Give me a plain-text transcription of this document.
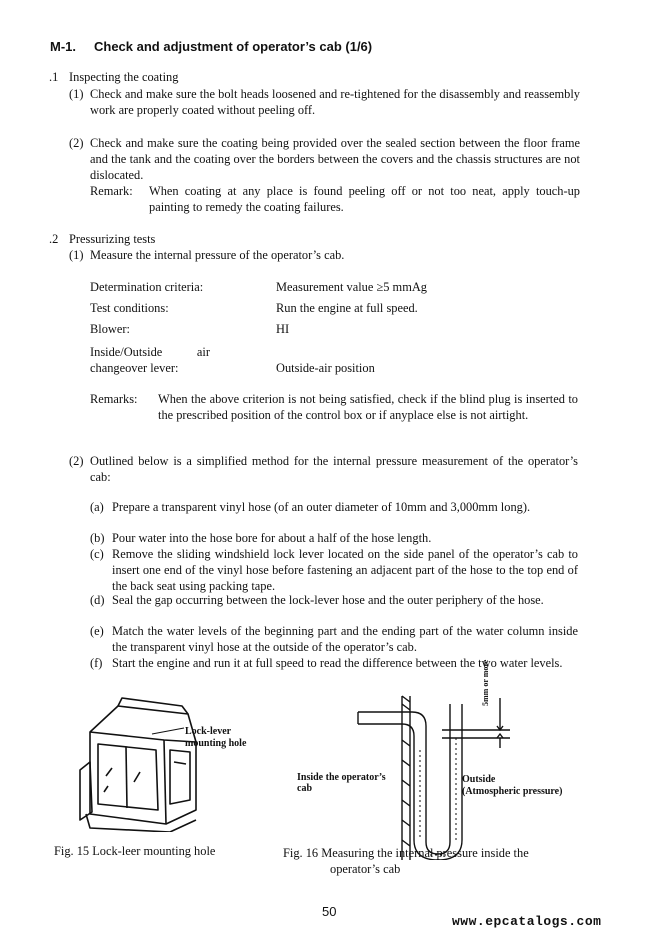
M-1. Check and adjustment of operator’s cab (1/6)
.1 Inspecting the coating
(1) Check and make sure the bolt heads loosened and re-tightened for the disassembly and reassembly work are properly coated without peeling off.
(2) Check and make sure the coating being provided over the sealed section between the floor frame and the tank and the coating over the borders between the covers and the chassis structures are not dislocated.
Remark: When coating at any place is found peeling off or not too neat, apply touch-up painting to remedy the coating failures.
.2 Pressurizing tests
(1) Measure the internal pressure of the operator’s cab.
Determination criteria:	Measurement value ≥5 mmAg
Test conditions:	Run the engine at full speed.
Blower:	HI
Inside/Outside air changeover lever:	Outside-air position
Remarks: When the above criterion is not being satisfied, check if the blind plug is inserted to the prescribed position of the control box or if anyplace else is not airtight.
(2) Outlined below is a simplified method for the internal pressure measurement of the operator’s cab:
(a) Prepare a transparent vinyl hose (of an outer diameter of 10mm and 3,000mm long).
(b) Pour water into the hose bore for about a half of the hose length.
(c) Remove the sliding windshield lock lever located on the side panel of the operator’s cab to insert one end of the vinyl hose before fastening an adjacent part of the hose to the top end of the back seat using packing tape.
(d) Seal the gap occurring between the lock-lever hose and the outer periphery of the hose.
(e) Match the water levels of the beginning part and the ending part of the water column inside the transparent vinyl hose at the outside of the operator’s cab.
(f) Start the engine and run it at full speed to read the difference between the two water levels.
Lock-lever
mounting hole
Fig. 15 Lock-leer mounting hole
5mm or more
Inside the operator’s
cab
Outside
(Atmospheric pressure)
Fig. 16 Measuring the internal pressure inside the
operator’s cab
50
www.epcatalogs.com
